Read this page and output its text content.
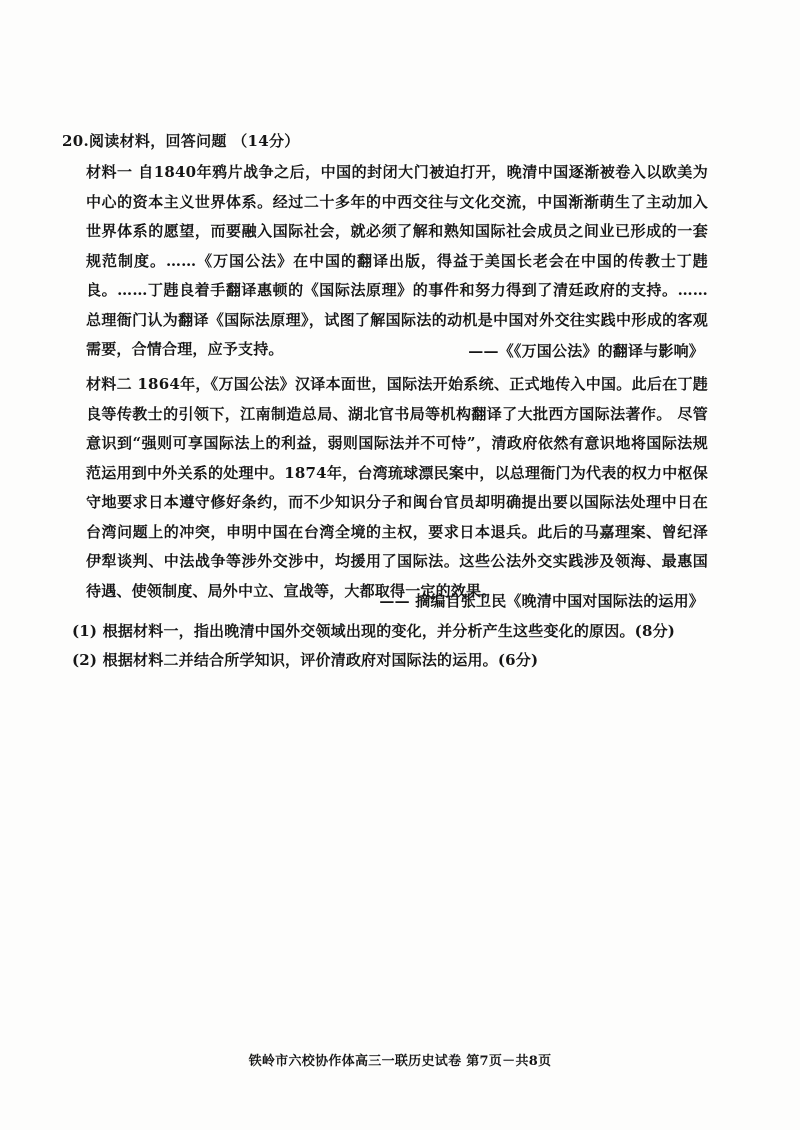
20.阅读材料，回答问题 （14分）
材料一 自1840年鸦片战争之后，中国的封闭大门被迫打开，晚清中国逐渐被卷入以欧美为中心的资本主义世界体系。经过二十多年的中西交往与文化交流，中国渐渐萌生了主动加入世界体系的愿望，而要融入国际社会，就必须了解和熟知国际社会成员之间业已形成的一套规范制度。……《万国公法》在中国的翻译出版，得益于美国长老会在中国的传教士丁韪良。……丁韪良着手翻译惠顿的《国际法原理》的事件和努力得到了清廷政府的支持。……总理衙门认为翻译《国际法原理》，试图了解国际法的动机是中国对外交往实践中形成的客观需要，合情合理，应予支持。	——《《万国公法》的翻译与影响》
材料二 1864年，《万国公法》汉译本面世，国际法开始系统、正式地传入中国。此后在丁韪良等传教士的引领下，江南制造总局、湖北官书局等机构翻译了大批西方国际法著作。 尽管意识到“强则可享国际法上的利益，弱则国际法并不可恃”，清政府依然有意识地将国际法规范运用到中外关系的处理中。1874年，台湾琉球漂民案中，以总理衙门为代表的权力中枢保守地要求日本遵守修好条约，而不少知识分子和闽台官员却明确提出要以国际法处理中日在台湾问题上的冲突，申明中国在台湾全境的主权，要求日本退兵。此后的马嘉理案、曾纪泽伊犁谈判、中法战争等涉外交涉中，均援用了国际法。这些公法外交实践涉及领海、最惠国待遇、使领制度、局外中立、宣战等，大都取得一定的效果。
—— 摘编自张卫民《晚清中国对国际法的运用》
(1) 根据材料一，指出晚清中国外交领域出现的变化，并分析产生这些变化的原因。(8分)
(2) 根据材料二并结合所学知识，评价清政府对国际法的运用。(6分)
铁岭市六校协作体高三一联历史试卷 第7页－共8页
